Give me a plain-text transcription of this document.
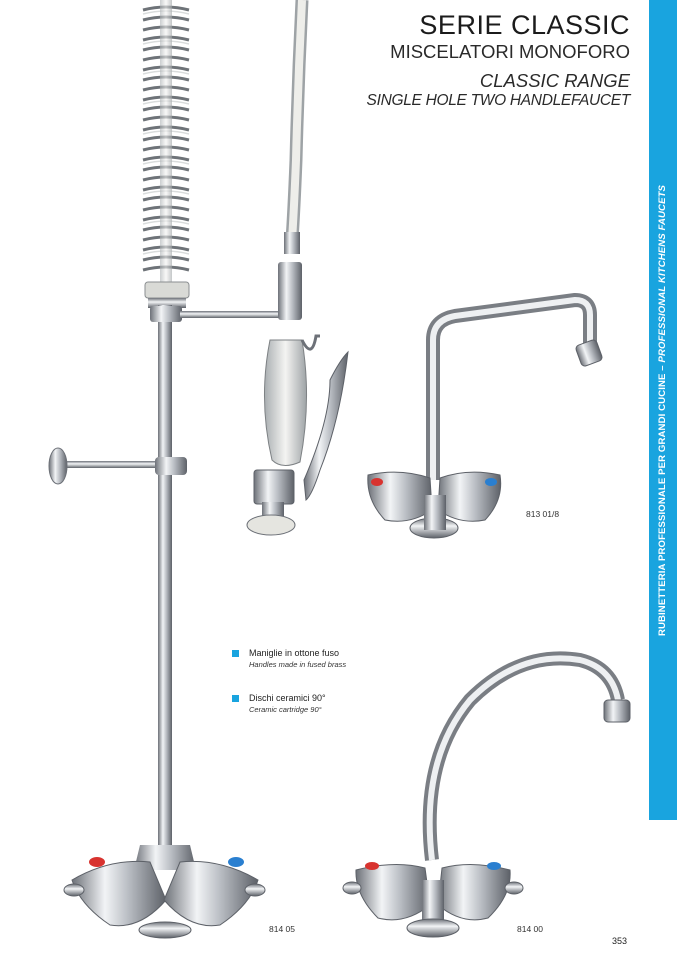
SERIE CLASSIC
MISCELATORI MONOFORO
CLASSIC RANGE
SINGLE HOLE TWO HANDLEFAUCET
RUBINETTERIA PROFESSIONALE PER GRANDI CUCINE – PROFESSIONAL KITCHENS FAUCETS
Maniglie in ottone fuso
Handles made in fused brass
Dischi ceramici 90°
Ceramic cartridge 90°
813 01/8
814 05	814 00
353
